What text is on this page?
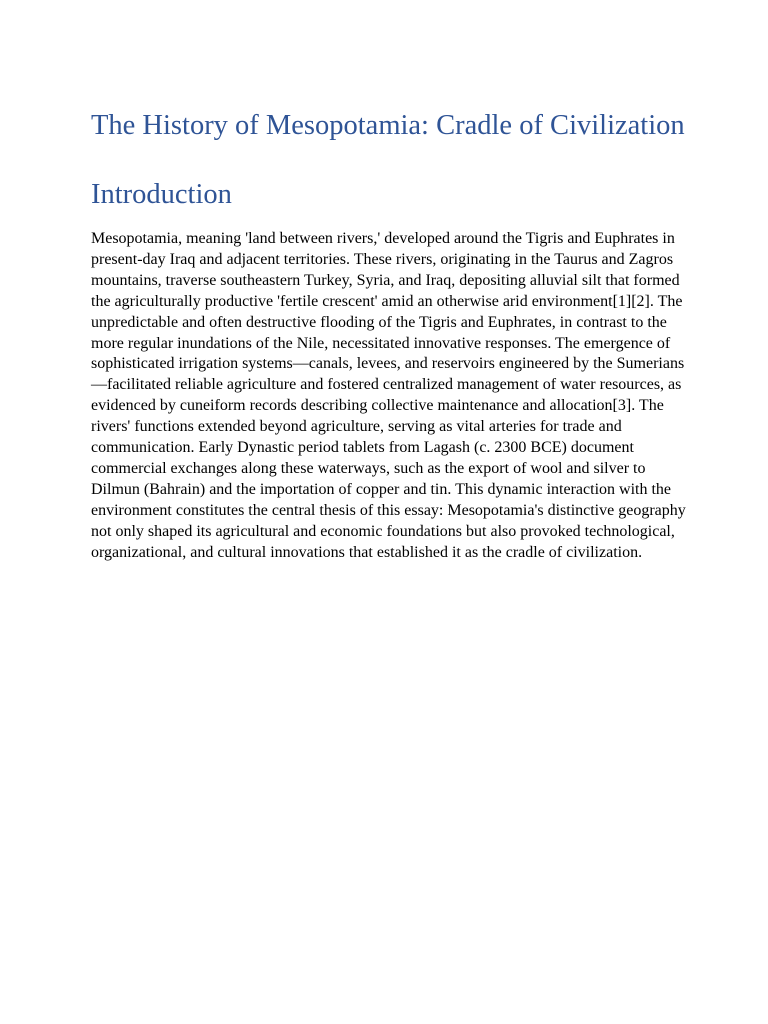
The History of Mesopotamia: Cradle of Civilization
Introduction

Mesopotamia, meaning 'land between rivers,' developed around the Tigris and Euphrates in present-day Iraq and adjacent territories. These rivers, originating in the Taurus and Zagros mountains, traverse southeastern Turkey, Syria, and Iraq, depositing alluvial silt that formed the agriculturally productive 'fertile crescent' amid an otherwise arid environment[1][2]. The unpredictable and often destructive flooding of the Tigris and Euphrates, in contrast to the more regular inundations of the Nile, necessitated innovative responses. The emergence of sophisticated irrigation systems—canals, levees, and reservoirs engineered by the Sumerians—facilitated reliable agriculture and fostered centralized management of water resources, as evidenced by cuneiform records describing collective maintenance and allocation[3]. The rivers' functions extended beyond agriculture, serving as vital arteries for trade and communication. Early Dynastic period tablets from Lagash (c. 2300 BCE) document commercial exchanges along these waterways, such as the export of wool and silver to Dilmun (Bahrain) and the importation of copper and tin. This dynamic interaction with the environment constitutes the central thesis of this essay: Mesopotamia's distinctive geography not only shaped its agricultural and economic foundations but also provoked technological, organizational, and cultural innovations that established it as the cradle of civilization.
